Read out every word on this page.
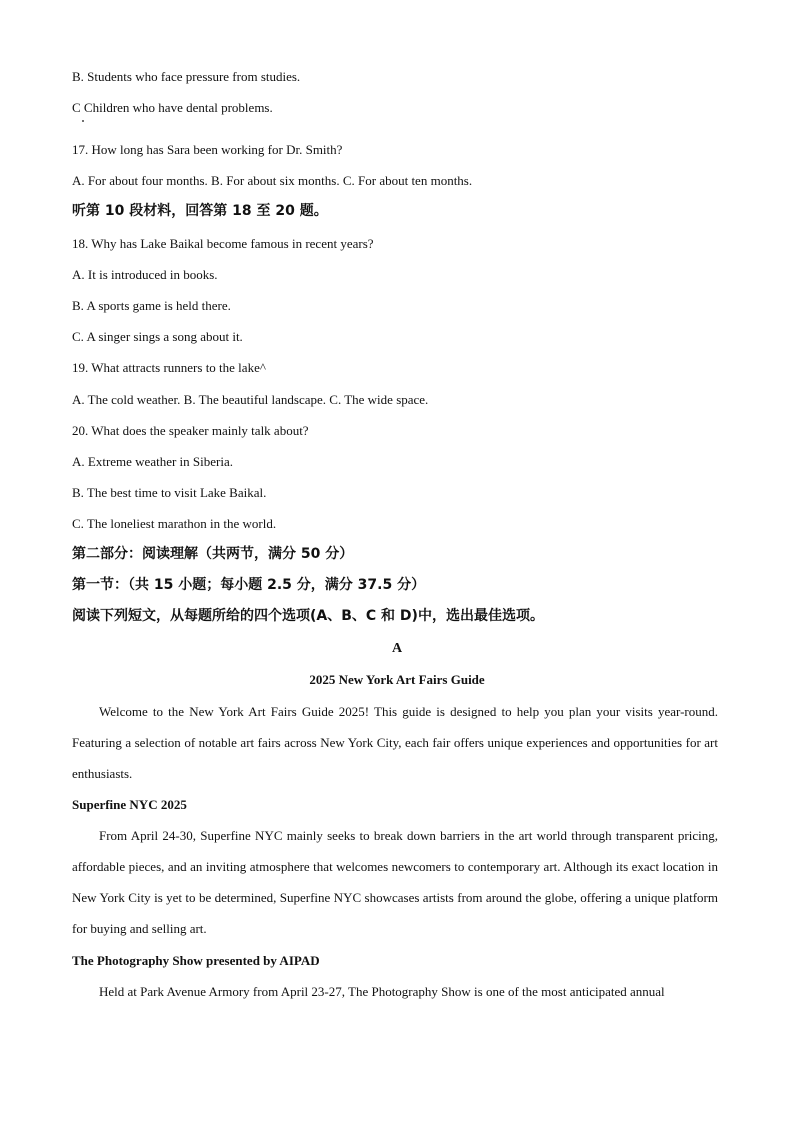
B. Students who face pressure from studies.
C Children who have dental problems.
17. How long has Sara been working for Dr. Smith?
A. For about four months. B. For about six months. C. For about ten months.
听第 10 段材料，回答第 18 至 20 题。
18. Why has Lake Baikal become famous in recent years?
A. It is introduced in books.
B. A sports game is held there.
C. A singer sings a song about it.
19. What attracts runners to the lake^
A. The cold weather. B. The beautiful landscape. C. The wide space.
20. What does the speaker mainly talk about?
A. Extreme weather in Siberia.
B. The best time to visit Lake Baikal.
C. The loneliest marathon in the world.
第二部分：阅读理解（共两节，满分 50 分）
第一节：（共 15 小题；每小题 2.5 分，满分 37.5 分）
阅读下列短文，从每题所给的四个选项(A、B、C 和 D)中，选出最佳选项。
A
2025 New York Art Fairs Guide
Welcome to the New York Art Fairs Guide 2025! This guide is designed to help you plan your visits year-round. Featuring a selection of notable art fairs across New York City, each fair offers unique experiences and opportunities for art enthusiasts.
Superfine NYC 2025
From April 24-30, Superfine NYC mainly seeks to break down barriers in the art world through transparent pricing, affordable pieces, and an inviting atmosphere that welcomes newcomers to contemporary art. Although its exact location in New York City is yet to be determined, Superfine NYC showcases artists from around the globe, offering a unique platform for buying and selling art.
The Photography Show presented by AIPAD
Held at Park Avenue Armory from April 23-27, The Photography Show is one of the most anticipated annual
